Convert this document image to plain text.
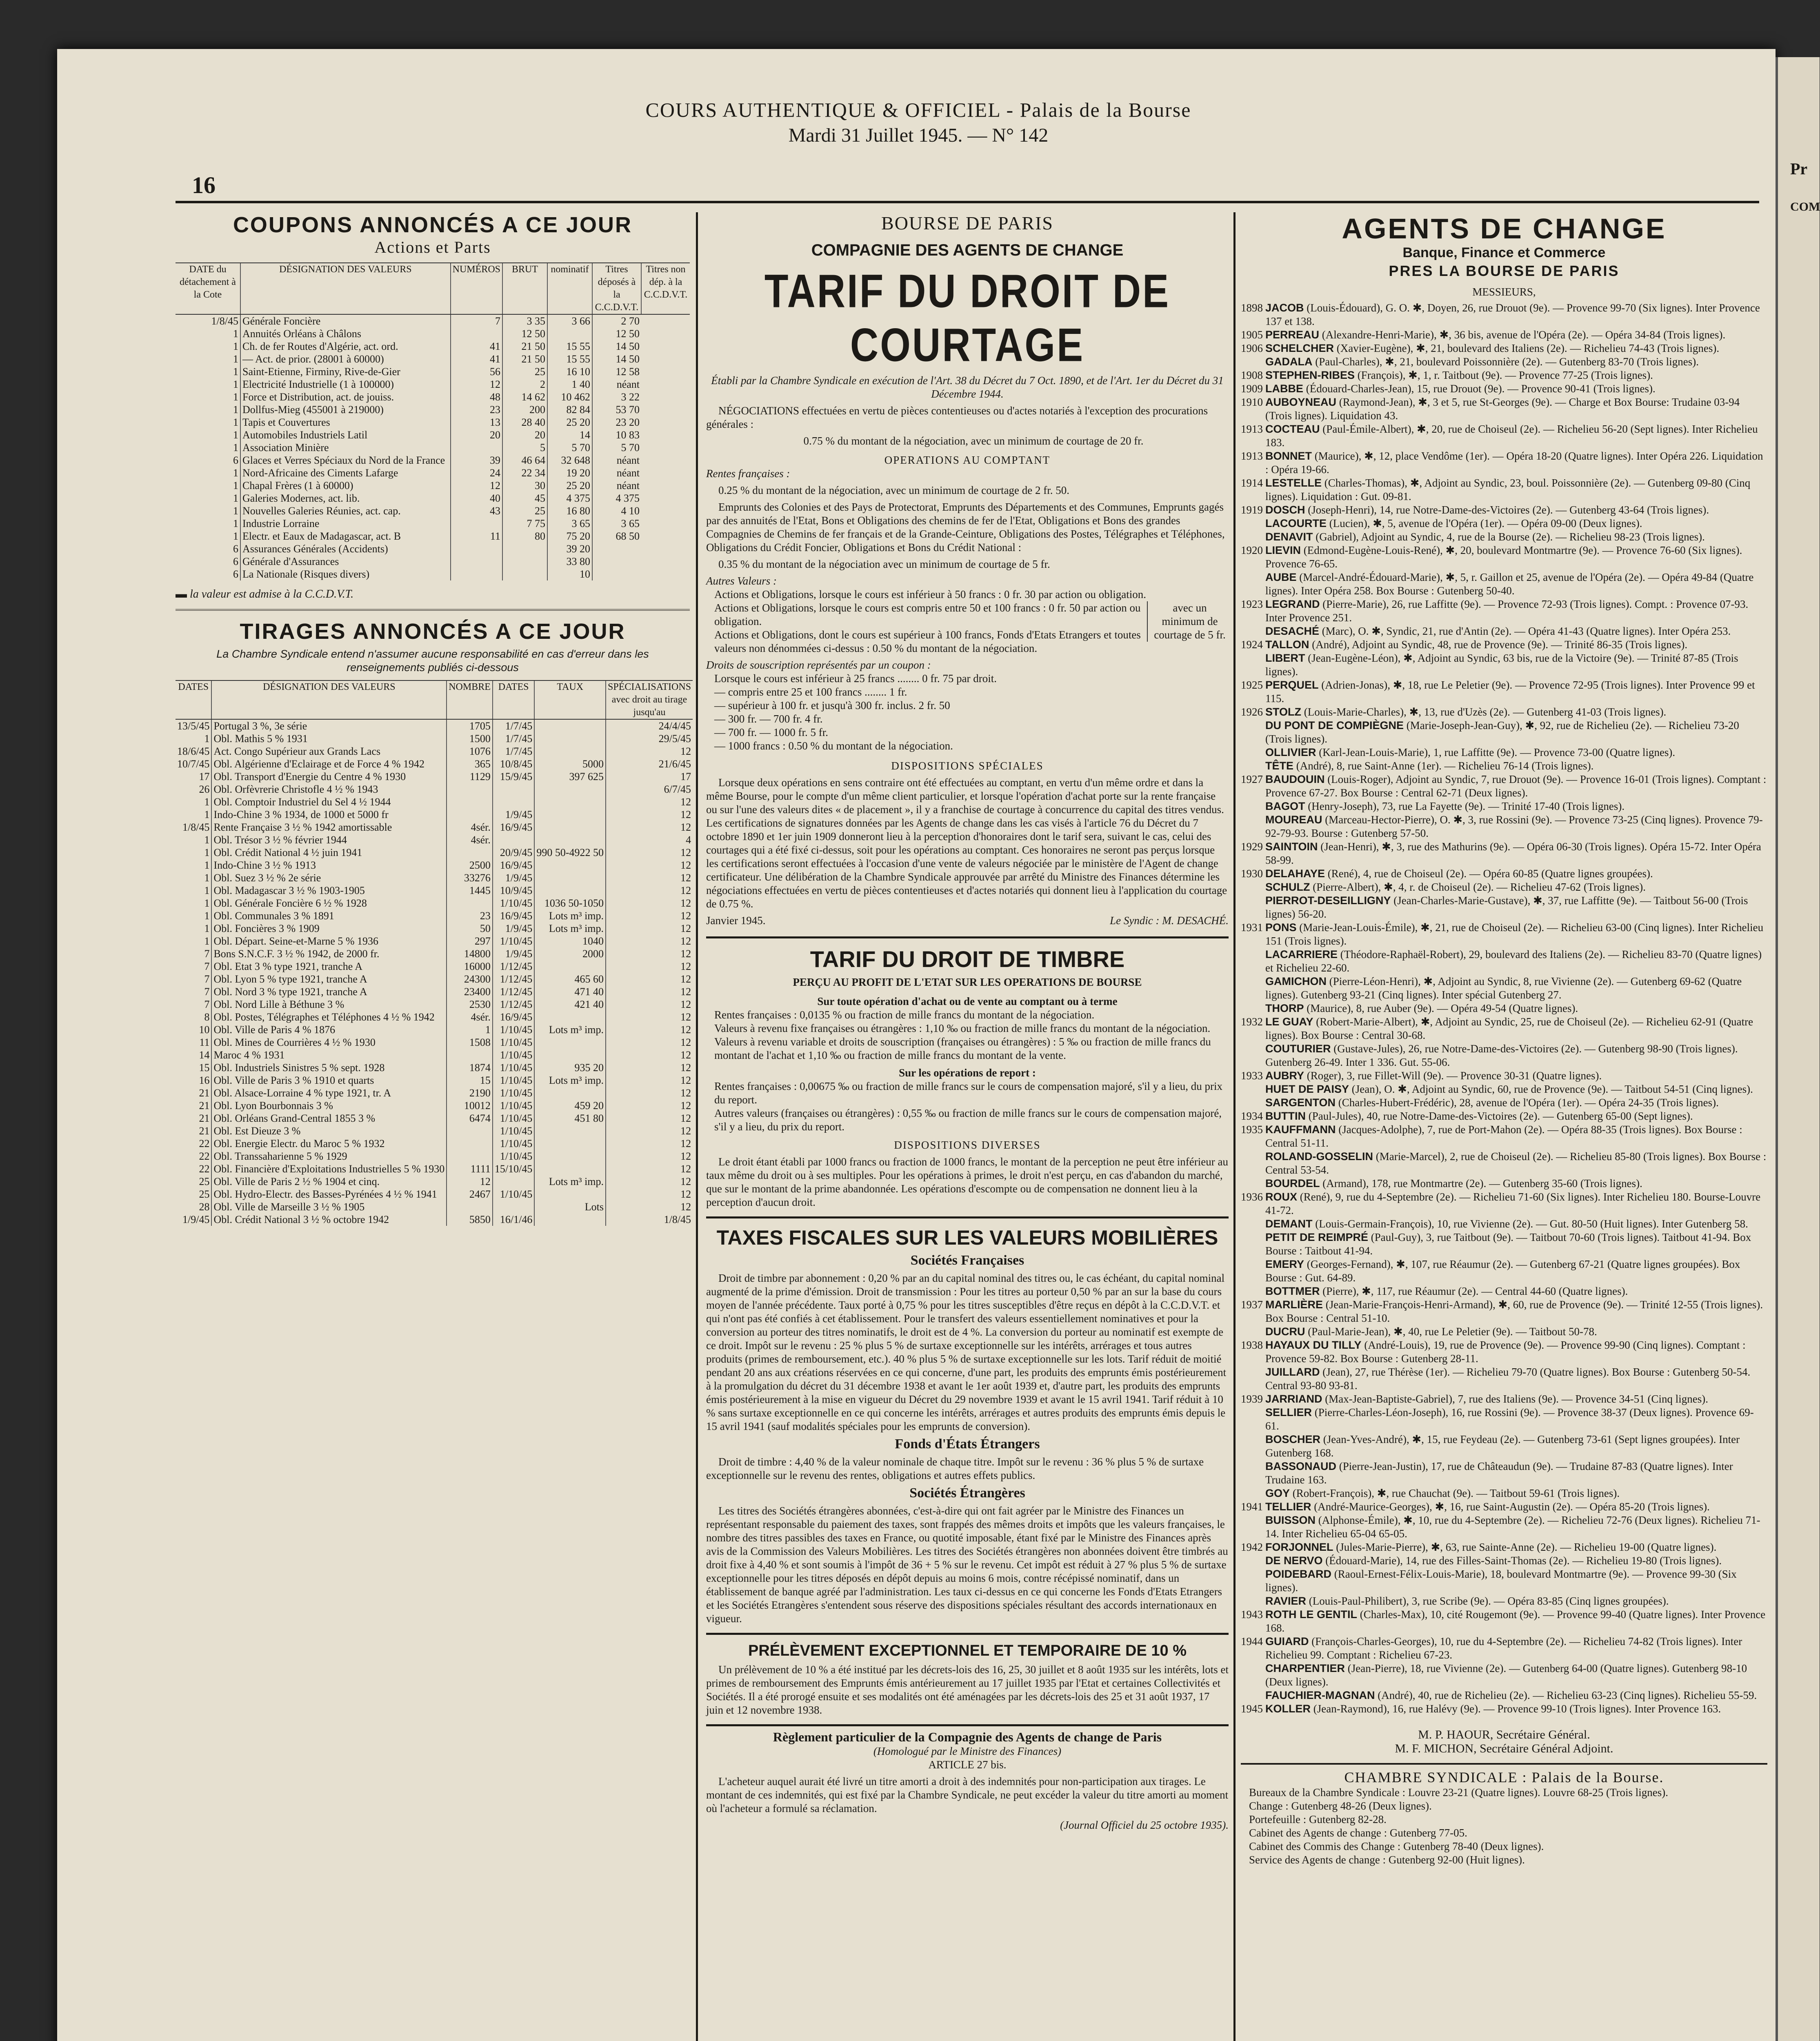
Pr
COM
16
COURS AUTHENTIQUE & OFFICIEL - Palais de la Bourse
Mardi 31 Juillet 1945. — N° 142
COUPONS ANNONCÉS A CE JOUR
Actions et Parts
DATE du détachement à la Cote	DÉSIGNATION DES VALEURS	NUMÉROS	BRUT	nominatif	Titres déposés à la C.C.D.V.T.	Titres non dép. à la C.C.D.V.T.
1/8/45	Générale Foncière	7	3 35	3 66	2 70	
1	Annuités Orléans à Châlons		12 50		12 50	
1	Ch. de fer Routes d'Algérie, act. ord.	41	21 50	15 55	14 50	
1	— Act. de prior. (28001 à 60000)	41	21 50	15 55	14 50	
1	Saint-Etienne, Firminy, Rive-de-Gier	56	25	16 10	12 58	
1	Electricité Industrielle (1 à 100000)	12	2	1 40	néant	
1	Force et Distribution, act. de jouiss.	48	14 62	10 462	3 22	
1	Dollfus-Mieg (455001 à 219000)	23	200	82 84	53 70	
1	Tapis et Couvertures	13	28 40	25 20	23 20	
1	Automobiles Industriels Latil	20	20	14	10 83	
1	Association Minière		5	5 70	5 70	
6	Glaces et Verres Spéciaux du Nord de la France	39	46 64	32 648	néant	
1	Nord-Africaine des Ciments Lafarge	24	22 34	19 20	néant	
1	Chapal Frères (1 à 60000)	12	30	25 20	néant	
1	Galeries Modernes, act. lib.	40	45	4 375	4 375	
1	Nouvelles Galeries Réunies, act. cap.	43	25	16 80	4 10	
1	Industrie Lorraine		7 75	3 65	3 65	
1	Electr. et Eaux de Madagascar, act. B	11	80	75 20	68 50	
6	Assurances Générales (Accidents)			39 20		
6	Générale d'Assurances			33 80		
6	La Nationale (Risques divers)			10		
▬ la valeur est admise à la C.C.D.V.T.
TIRAGES ANNONCÉS A CE JOUR
La Chambre Syndicale entend n'assumer aucune responsabilité en cas d'erreur dans les renseignements publiés ci-dessous
DATES	DÉSIGNATION DES VALEURS	NOMBRE	DATES	TAUX	SPÉCIALISATIONS avec droit au tirage jusqu'au
13/5/45	Portugal 3 %, 3e série	1705	1/7/45		24/4/45
1	Obl. Mathis 5 % 1931	1500	1/7/45		29/5/45
18/6/45	Act. Congo Supérieur aux Grands Lacs	1076	1/7/45		12
10/7/45	Obl. Algérienne d'Eclairage et de Force 4 % 1942	365	10/8/45	5000	21/6/45
17	Obl. Transport d'Energie du Centre 4 % 1930	1129	15/9/45	397 625	17
26	Obl. Orfèvrerie Christofle 4 ½ % 1943				6/7/45
1	Obl. Comptoir Industriel du Sel 4 ½ 1944				12
1	Indo-Chine 3 % 1934, de 1000 et 5000 fr		1/9/45		12
1/8/45	Rente Française 3 ½ % 1942 amortissable	4sér.	16/9/45		12
1	Obl. Trésor 3 ½ % février 1944	4sér.			4
1	Obl. Crédit National 4 ½ juin 1941		20/9/45	990 50-4922 50	12
1	Indo-Chine 3 ½ % 1913	2500	16/9/45		12
1	Obl. Suez 3 ½ % 2e série	33276	1/9/45		12
1	Obl. Madagascar 3 ½ % 1903-1905	1445	10/9/45		12
1	Obl. Générale Foncière 6 ½ % 1928		1/10/45	1036 50-1050	12
1	Obl. Communales 3 % 1891	23	16/9/45	Lots m³ imp.	12
1	Obl. Foncières 3 % 1909	50	1/9/45	Lots m³ imp.	12
1	Obl. Départ. Seine-et-Marne 5 % 1936	297	1/10/45	1040	12
7	Bons S.N.C.F. 3 ½ % 1942, de 2000 fr.	14800	1/9/45	2000	12
7	Obl. Etat 3 % type 1921, tranche A	16000	1/12/45		12
7	Obl. Lyon 5 % type 1921, tranche A	24300	1/12/45	465 60	12
7	Obl. Nord 3 % type 1921, tranche A	23400	1/12/45	471 40	12
7	Obl. Nord Lille à Béthune 3 %	2530	1/12/45	421 40	12
8	Obl. Postes, Télégraphes et Téléphones 4 ½ % 1942	4sér.	16/9/45		12
10	Obl. Ville de Paris 4 % 1876	1	1/10/45	Lots m³ imp.	12
11	Obl. Mines de Courrières 4 ½ % 1930	1508	1/10/45		12
14	Maroc 4 % 1931		1/10/45		12
15	Obl. Industriels Sinistres 5 % sept. 1928	1874	1/10/45	935 20	12
16	Obl. Ville de Paris 3 % 1910 et quarts	15	1/10/45	Lots m³ imp.	12
21	Obl. Alsace-Lorraine 4 % type 1921, tr. A	2190	1/10/45		12
21	Obl. Lyon Bourbonnais 3 %	10012	1/10/45	459 20	12
21	Obl. Orléans Grand-Central 1855 3 %	6474	1/10/45	451 80	12
21	Obl. Est Dieuze 3 %		1/10/45		12
22	Obl. Energie Electr. du Maroc 5 % 1932		1/10/45		12
22	Obl. Transsaharienne 5 % 1929		1/10/45		12
22	Obl. Financière d'Exploitations Industrielles 5 % 1930	1111	15/10/45		12
25	Obl. Ville de Paris 2 ½ % 1904 et cinq.	12		Lots m³ imp.	12
25	Obl. Hydro-Electr. des Basses-Pyrénées 4 ½ % 1941	2467	1/10/45		12
28	Obl. Ville de Marseille 3 ½ % 1905			Lots	12
1/9/45	Obl. Crédit National 3 ½ % octobre 1942	5850	16/1/46		1/8/45
BOURSE DE PARIS
COMPAGNIE DES AGENTS DE CHANGE
TARIF DU DROIT DE COURTAGE
Établi par la Chambre Syndicale en exécution de l'Art. 38 du Décret du 7 Oct. 1890, et de l'Art. 1er du Décret du 31 Décembre 1944.

NÉGOCIATIONS effectuées en vertu de pièces contentieuses ou d'actes notariés à l'exception des procurations générales :

0.75 % du montant de la négociation, avec un minimum de courtage de 20 fr.

OPERATIONS AU COMPTANT
Rentes françaises :

0.25 % du montant de la négociation, avec un minimum de courtage de 2 fr. 50.

Emprunts des Colonies et des Pays de Protectorat, Emprunts des Départements et des Communes, Emprunts gagés par des annuités de l'Etat, Bons et Obligations des chemins de fer de l'Etat, Obligations et Bons des grandes Compagnies de Chemins de fer français et de la Grande-Ceinture, Obligations des Postes, Télégraphes et Téléphones, Obligations du Crédit Foncier, Obligations et Bons du Crédit National :

0.35 % du montant de la négociation avec un minimum de courtage de 5 fr.

Autres Valeurs :
Actions et Obligations, lorsque le cours est inférieur à 50 francs : 0 fr. 30 par action ou obligation.
Actions et Obligations, lorsque le cours est compris entre 50 et 100 francs : 0 fr. 50 par action ou obligation.
Actions et Obligations, dont le cours est supérieur à 100 francs, Fonds d'Etats Etrangers et toutes valeurs non dénommées ci-dessus : 0.50 % du montant de la négociation.
avec un minimum de courtage de 5 fr.
Droits de souscription représentés par un coupon :
Lorsque le cours est inférieur à 25 francs ........ 0 fr. 75 par droit.
— compris entre 25 et 100 francs ........ 1 fr.
— supérieur à 100 fr. et jusqu'à 300 fr. inclus. 2 fr. 50
— 300 fr. — 700 fr. 4 fr.
— 700 fr. — 1000 fr. 5 fr.
— 1000 francs : 0.50 % du montant de la négociation.
DISPOSITIONS SPÉCIALES

Lorsque deux opérations en sens contraire ont été effectuées au comptant, en vertu d'un même ordre et dans la même Bourse, pour le compte d'un même client particulier, et lorsque l'opération d'achat porte sur la rente française ou sur l'une des valeurs dites « de placement », il y a franchise de courtage à concurrence du capital des titres vendus. Les certifications de signatures données par les Agents de change dans les cas visés à l'article 76 du Décret du 7 octobre 1890 et 1er juin 1909 donneront lieu à la perception d'honoraires dont le tarif sera, suivant le cas, celui des courtages qui a été fixé ci-dessus, soit pour les opérations au comptant. Ces honoraires ne seront pas perçus lorsque les certifications seront effectuées à l'occasion d'une vente de valeurs négociée par le ministère de l'Agent de change certificateur. Une délibération de la Chambre Syndicale approuvée par arrêté du Ministre des Finances détermine les négociations effectuées en vertu de pièces contentieuses et d'actes notariés qui donnent lieu à l'application du courtage de 0.75 %.

Janvier 1945.	Le Syndic : M. DESACHÉ.
TARIF DU DROIT DE TIMBRE
PERÇU AU PROFIT DE L'ETAT SUR LES OPERATIONS DE BOURSE
Sur toute opération d'achat ou de vente au comptant ou à terme
Rentes françaises : 0,0135 % ou fraction de mille francs du montant de la négociation.
Valeurs à revenu fixe françaises ou étrangères : 1,10 ‰ ou fraction de mille francs du montant de la négociation.
Valeurs à revenu variable et droits de souscription (françaises ou étrangères) : 5 ‰ ou fraction de mille francs du montant de l'achat et 1,10 ‰ ou fraction de mille francs du montant de la vente.
Sur les opérations de report :
Rentes françaises : 0,00675 ‰ ou fraction de mille francs sur le cours de compensation majoré, s'il y a lieu, du prix du report.
Autres valeurs (françaises ou étrangères) : 0,55 ‰ ou fraction de mille francs sur le cours de compensation majoré, s'il y a lieu, du prix du report.
DISPOSITIONS DIVERSES

Le droit étant établi par 1000 francs ou fraction de 1000 francs, le montant de la perception ne peut être inférieur au taux même du droit ou à ses multiples. Pour les opérations à primes, le droit n'est perçu, en cas d'abandon du marché, que sur le montant de la prime abandonnée. Les opérations d'escompte ou de compensation ne donnent lieu à la perception d'aucun droit.

TAXES FISCALES SUR LES VALEURS MOBILIÈRES
Sociétés Françaises

Droit de timbre par abonnement : 0,20 % par an du capital nominal des titres ou, le cas échéant, du capital nominal augmenté de la prime d'émission. Droit de transmission : Pour les titres au porteur 0,50 % par an sur la base du cours moyen de l'année précédente. Taux porté à 0,75 % pour les titres susceptibles d'être reçus en dépôt à la C.C.D.V.T. et qui n'ont pas été confiés à cet établissement. Pour le transfert des valeurs essentiellement nominatives et pour la conversion au porteur des titres nominatifs, le droit est de 4 %. La conversion du porteur au nominatif est exempte de ce droit. Impôt sur le revenu : 25 % plus 5 % de surtaxe exceptionnelle sur les intérêts, arrérages et tous autres produits (primes de remboursement, etc.). 40 % plus 5 % de surtaxe exceptionnelle sur les lots. Tarif réduit de moitié pendant 20 ans aux créations réservées en ce qui concerne, d'une part, les produits des emprunts émis postérieurement à la promulgation du décret du 31 décembre 1938 et avant le 1er août 1939 et, d'autre part, les produits des emprunts émis postérieurement à la mise en vigueur du Décret du 29 novembre 1939 et avant le 15 avril 1941. Tarif réduit à 10 % sans surtaxe exceptionnelle en ce qui concerne les intérêts, arrérages et autres produits des emprunts émis depuis le 15 avril 1941 (sauf modalités spéciales pour les emprunts de conversion).

Fonds d'États Étrangers

Droit de timbre : 4,40 % de la valeur nominale de chaque titre. Impôt sur le revenu : 36 % plus 5 % de surtaxe exceptionnelle sur le revenu des rentes, obligations et autres effets publics.

Sociétés Étrangères

Les titres des Sociétés étrangères abonnées, c'est-à-dire qui ont fait agréer par le Ministre des Finances un représentant responsable du paiement des taxes, sont frappés des mêmes droits et impôts que les valeurs françaises, le nombre des titres passibles des taxes en France, ou quotité imposable, étant fixé par le Ministre des Finances après avis de la Commission des Valeurs Mobilières. Les titres des Sociétés étrangères non abonnées doivent être timbrés au droit fixe à 4,40 % et sont soumis à l'impôt de 36 + 5 % sur le revenu. Cet impôt est réduit à 27 % plus 5 % de surtaxe exceptionnelle pour les titres déposés en dépôt depuis au moins 6 mois, contre récépissé nominatif, dans un établissement de banque agréé par l'administration. Les taux ci-dessus en ce qui concerne les Fonds d'Etats Etrangers et les Sociétés Etrangères s'entendent sous réserve des dispositions spéciales résultant des accords internationaux en vigueur.

PRÉLÈVEMENT EXCEPTIONNEL ET TEMPORAIRE DE 10 %

Un prélèvement de 10 % a été institué par les décrets-lois des 16, 25, 30 juillet et 8 août 1935 sur les intérêts, lots et primes de remboursement des Emprunts émis antérieurement au 17 juillet 1935 par l'Etat et certaines Collectivités et Sociétés. Il a été prorogé ensuite et ses modalités ont été aménagées par les décrets-lois des 25 et 31 août 1937, 17 juin et 12 novembre 1938.

Règlement particulier de la Compagnie des Agents de change de Paris
(Homologué par le Ministre des Finances)
ARTICLE 27 bis.

L'acheteur auquel aurait été livré un titre amorti a droit à des indemnités pour non-participation aux tirages. Le montant de ces indemnités, qui est fixé par la Chambre Syndicale, ne peut excéder la valeur du titre amorti au moment où l'acheteur a formulé sa réclamation.

(Journal Officiel du 25 octobre 1935).
AGENTS DE CHANGE
Banque, Finance et Commerce
PRES LA BOURSE DE PARIS
MESSIEURS,

1898 JACOB (Louis-Édouard), G. O. ✱, Doyen, 26, rue Drouot (9e). — Provence 99-70 (Six lignes). Inter Provence 137 et 138.

1905 PERREAU (Alexandre-Henri-Marie), ✱, 36 bis, avenue de l'Opéra (2e). — Opéra 34-84 (Trois lignes).

1906 SCHELCHER (Xavier-Eugène), ✱, 21, boulevard des Italiens (2e). — Richelieu 74-43 (Trois lignes).

GADALA (Paul-Charles), ✱, 21, boulevard Poissonnière (2e). — Gutenberg 83-70 (Trois lignes).

1908 STEPHEN-RIBES (François), ✱, 1, r. Taitbout (9e). — Provence 77-25 (Trois lignes).

1909 LABBE (Édouard-Charles-Jean), 15, rue Drouot (9e). — Provence 90-41 (Trois lignes).

1910 AUBOYNEAU (Raymond-Jean), ✱, 3 et 5, rue St-Georges (9e). — Charge et Box Bourse: Trudaine 03-94 (Trois lignes). Liquidation 43.

1913 COCTEAU (Paul-Émile-Albert), ✱, 20, rue de Choiseul (2e). — Richelieu 56-20 (Sept lignes). Inter Richelieu 183.

1913 BONNET (Maurice), ✱, 12, place Vendôme (1er). — Opéra 18-20 (Quatre lignes). Inter Opéra 226. Liquidation : Opéra 19-66.

1914 LESTELLE (Charles-Thomas), ✱, Adjoint au Syndic, 23, boul. Poissonnière (2e). — Gutenberg 09-80 (Cinq lignes). Liquidation : Gut. 09-81.

1919 DOSCH (Joseph-Henri), 14, rue Notre-Dame-des-Victoires (2e). — Gutenberg 43-64 (Trois lignes).

LACOURTE (Lucien), ✱, 5, avenue de l'Opéra (1er). — Opéra 09-00 (Deux lignes).

DENAVIT (Gabriel), Adjoint au Syndic, 4, rue de la Bourse (2e). — Richelieu 98-23 (Trois lignes).

1920 LIEVIN (Edmond-Eugène-Louis-René), ✱, 20, boulevard Montmartre (9e). — Provence 76-60 (Six lignes). Provence 76-65.

AUBE (Marcel-André-Édouard-Marie), ✱, 5, r. Gaillon et 25, avenue de l'Opéra (2e). — Opéra 49-84 (Quatre lignes). Inter Opéra 258. Box Bourse : Gutenberg 50-40.

1923 LEGRAND (Pierre-Marie), 26, rue Laffitte (9e). — Provence 72-93 (Trois lignes). Compt. : Provence 07-93. Inter Provence 251.

DESACHÉ (Marc), O. ✱, Syndic, 21, rue d'Antin (2e). — Opéra 41-43 (Quatre lignes). Inter Opéra 253.

1924 TALLON (André), Adjoint au Syndic, 48, rue de Provence (9e). — Trinité 86-35 (Trois lignes).

LIBERT (Jean-Eugène-Léon), ✱, Adjoint au Syndic, 63 bis, rue de la Victoire (9e). — Trinité 87-85 (Trois lignes).

1925 PERQUEL (Adrien-Jonas), ✱, 18, rue Le Peletier (9e). — Provence 72-95 (Trois lignes). Inter Provence 99 et 115.

1926 STOLZ (Louis-Marie-Charles), ✱, 13, rue d'Uzès (2e). — Gutenberg 41-03 (Trois lignes).

DU PONT DE COMPIÈGNE (Marie-Joseph-Jean-Guy), ✱, 92, rue de Richelieu (2e). — Richelieu 73-20 (Trois lignes).

OLLIVIER (Karl-Jean-Louis-Marie), 1, rue Laffitte (9e). — Provence 73-00 (Quatre lignes).

TÊTE (André), 8, rue Saint-Anne (1er). — Richelieu 76-14 (Trois lignes).

1927 BAUDOUIN (Louis-Roger), Adjoint au Syndic, 7, rue Drouot (9e). — Provence 16-01 (Trois lignes). Comptant : Provence 67-27. Box Bourse : Central 62-71 (Deux lignes).

BAGOT (Henry-Joseph), 73, rue La Fayette (9e). — Trinité 17-40 (Trois lignes).

MOUREAU (Marceau-Hector-Pierre), O. ✱, 3, rue Rossini (9e). — Provence 73-25 (Cinq lignes). Provence 79-92-79-93. Bourse : Gutenberg 57-50.

1929 SAINTOIN (Jean-Henri), ✱, 3, rue des Mathurins (9e). — Opéra 06-30 (Trois lignes). Opéra 15-72. Inter Opéra 58-99.

1930 DELAHAYE (René), 4, rue de Choiseul (2e). — Opéra 60-85 (Quatre lignes groupées).

SCHULZ (Pierre-Albert), ✱, 4, r. de Choiseul (2e). — Richelieu 47-62 (Trois lignes).

PIERROT-DESEILLIGNY (Jean-Charles-Marie-Gustave), ✱, 37, rue Laffitte (9e). — Taitbout 56-00 (Trois lignes) 56-20.

1931 PONS (Marie-Jean-Louis-Émile), ✱, 21, rue de Choiseul (2e). — Richelieu 63-00 (Cinq lignes). Inter Richelieu 151 (Trois lignes).

LACARRIERE (Théodore-Raphaël-Robert), 29, boulevard des Italiens (2e). — Richelieu 83-70 (Quatre lignes) et Richelieu 22-60.

GAMICHON (Pierre-Léon-Henri), ✱, Adjoint au Syndic, 8, rue Vivienne (2e). — Gutenberg 69-62 (Quatre lignes). Gutenberg 93-21 (Cinq lignes). Inter spécial Gutenberg 27.

THORP (Maurice), 8, rue Auber (9e). — Opéra 49-54 (Quatre lignes).

1932 LE GUAY (Robert-Marie-Albert), ✱, Adjoint au Syndic, 25, rue de Choiseul (2e). — Richelieu 62-91 (Quatre lignes). Box Bourse : Central 30-68.

COUTURIER (Gustave-Jules), 26, rue Notre-Dame-des-Victoires (2e). — Gutenberg 98-90 (Trois lignes). Gutenberg 26-49. Inter 1 336. Gut. 55-06.

1933 AUBRY (Roger), 3, rue Fillet-Will (9e). — Provence 30-31 (Quatre lignes).

HUET DE PAISY (Jean), O. ✱, Adjoint au Syndic, 60, rue de Provence (9e). — Taitbout 54-51 (Cinq lignes).

SARGENTON (Charles-Hubert-Frédéric), 28, avenue de l'Opéra (1er). — Opéra 24-35 (Trois lignes).

1934 BUTTIN (Paul-Jules), 40, rue Notre-Dame-des-Victoires (2e). — Gutenberg 65-00 (Sept lignes).

1935 KAUFFMANN (Jacques-Adolphe), 7, rue de Port-Mahon (2e). — Opéra 88-35 (Trois lignes). Box Bourse : Central 51-11.

ROLAND-GOSSELIN (Marie-Marcel), 2, rue de Choiseul (2e). — Richelieu 85-80 (Trois lignes). Box Bourse : Central 53-54.

BOURDEL (Armand), 178, rue Montmartre (2e). — Gutenberg 35-60 (Trois lignes).

1936 ROUX (René), 9, rue du 4-Septembre (2e). — Richelieu 71-60 (Six lignes). Inter Richelieu 180. Bourse-Louvre 41-72.

DEMANT (Louis-Germain-François), 10, rue Vivienne (2e). — Gut. 80-50 (Huit lignes). Inter Gutenberg 58.

PETIT DE REIMPRÉ (Paul-Guy), 3, rue Taitbout (9e). — Taitbout 70-60 (Trois lignes). Taitbout 41-94. Box Bourse : Taitbout 41-94.

EMERY (Georges-Fernand), ✱, 107, rue Réaumur (2e). — Gutenberg 67-21 (Quatre lignes groupées). Box Bourse : Gut. 64-89.

BOTTMER (Pierre), ✱, 117, rue Réaumur (2e). — Central 44-60 (Quatre lignes).

1937 MARLIÈRE (Jean-Marie-François-Henri-Armand), ✱, 60, rue de Provence (9e). — Trinité 12-55 (Trois lignes). Box Bourse : Central 51-10.

DUCRU (Paul-Marie-Jean), ✱, 40, rue Le Peletier (9e). — Taitbout 50-78.

1938 HAYAUX DU TILLY (André-Louis), 19, rue de Provence (9e). — Provence 99-90 (Cinq lignes). Comptant : Provence 59-82. Box Bourse : Gutenberg 28-11.

JUILLARD (Jean), 27, rue Thérèse (1er). — Richelieu 79-70 (Quatre lignes). Box Bourse : Gutenberg 50-54. Central 93-80 93-81.

1939 JARRIAND (Max-Jean-Baptiste-Gabriel), 7, rue des Italiens (9e). — Provence 34-51 (Cinq lignes).

SELLIER (Pierre-Charles-Léon-Joseph), 16, rue Rossini (9e). — Provence 38-37 (Deux lignes). Provence 69-61.

BOSCHER (Jean-Yves-André), ✱, 15, rue Feydeau (2e). — Gutenberg 73-61 (Sept lignes groupées). Inter Gutenberg 168.

BASSONAUD (Pierre-Jean-Justin), 17, rue de Châteaudun (9e). — Trudaine 87-83 (Quatre lignes). Inter Trudaine 163.

GOY (Robert-François), ✱, rue Chauchat (9e). — Taitbout 59-61 (Trois lignes).

1941 TELLIER (André-Maurice-Georges), ✱, 16, rue Saint-Augustin (2e). — Opéra 85-20 (Trois lignes).

BUISSON (Alphonse-Émile), ✱, 10, rue du 4-Septembre (2e). — Richelieu 72-76 (Deux lignes). Richelieu 71-14. Inter Richelieu 65-04 65-05.

1942 FORJONNEL (Jules-Marie-Pierre), ✱, 63, rue Sainte-Anne (2e). — Richelieu 19-00 (Quatre lignes).

DE NERVO (Édouard-Marie), 14, rue des Filles-Saint-Thomas (2e). — Richelieu 19-80 (Trois lignes).

POIDEBARD (Raoul-Ernest-Félix-Louis-Marie), 18, boulevard Montmartre (9e). — Provence 99-30 (Six lignes).

RAVIER (Louis-Paul-Philibert), 3, rue Scribe (9e). — Opéra 83-85 (Cinq lignes groupées).

1943 ROTH LE GENTIL (Charles-Max), 10, cité Rougemont (9e). — Provence 99-40 (Quatre lignes). Inter Provence 168.

1944 GUIARD (François-Charles-Georges), 10, rue du 4-Septembre (2e). — Richelieu 74-82 (Trois lignes). Inter Richelieu 99. Comptant : Richelieu 67-23.

CHARPENTIER (Jean-Pierre), 18, rue Vivienne (2e). — Gutenberg 64-00 (Quatre lignes). Gutenberg 98-10 (Deux lignes).

FAUCHIER-MAGNAN (André), 40, rue de Richelieu (2e). — Richelieu 63-23 (Cinq lignes). Richelieu 55-59.

1945 KOLLER (Jean-Raymond), 16, rue Halévy (9e). — Provence 99-10 (Trois lignes). Inter Provence 163.

M. P. HAOUR, Secrétaire Général.
M. F. MICHON, Secrétaire Général Adjoint.
CHAMBRE SYNDICALE : Palais de la Bourse.
Bureaux de la Chambre Syndicale : Louvre 23-21 (Quatre lignes). Louvre 68-25 (Trois lignes).
Change : Gutenberg 48-26 (Deux lignes).
Portefeuille : Gutenberg 82-28.
Cabinet des Agents de change : Gutenberg 77-05.
Cabinet des Commis des Change : Gutenberg 78-40 (Deux lignes).
Service des Agents de change : Gutenberg 92-00 (Huit lignes).
